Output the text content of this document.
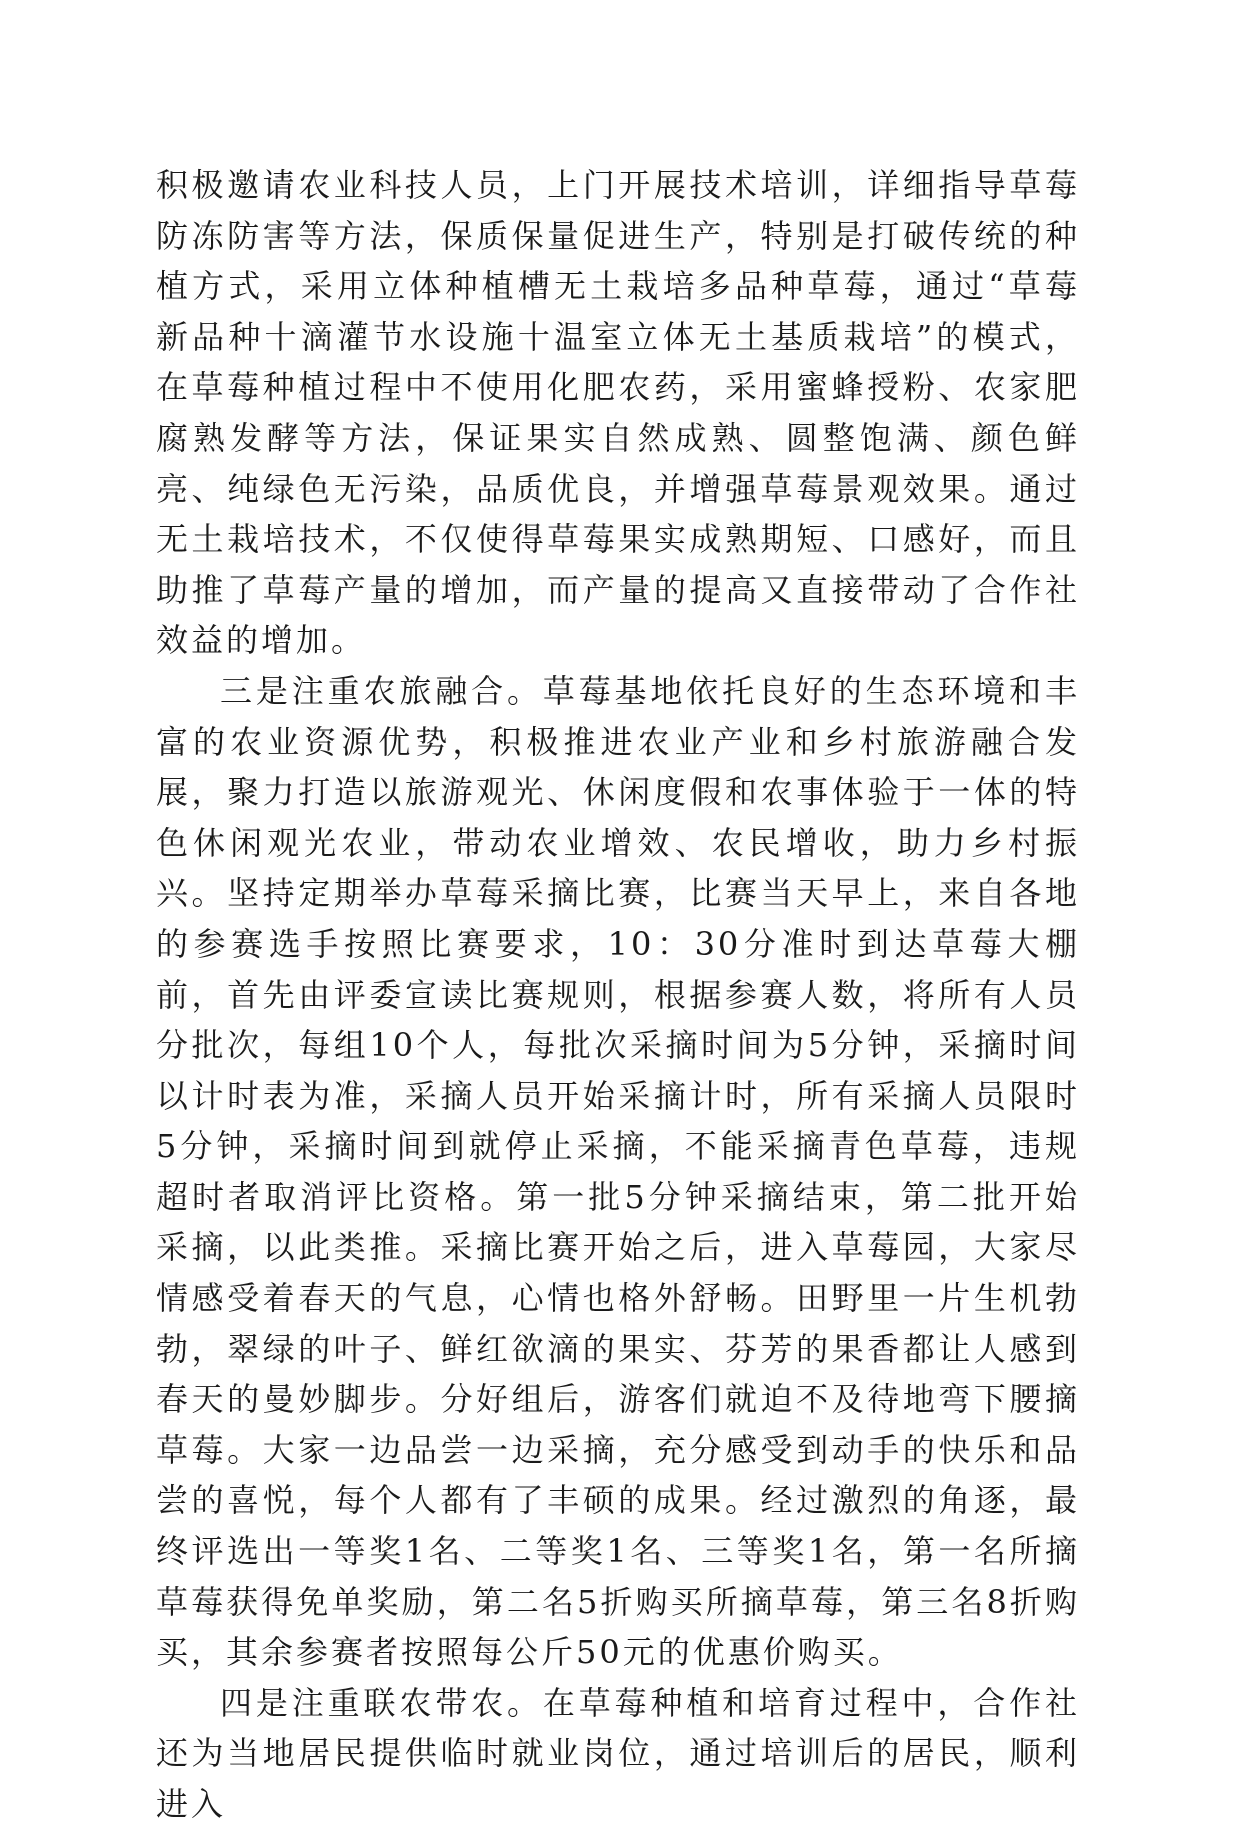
积极邀请农业科技人员，上门开展技术培训，详细指导草莓防冻防害等方法，保质保量促进生产，特别是打破传统的种植方式，采用立体种植槽无土栽培多品种草莓，通过“草莓新品种十滴灌节水设施十温室立体无土基质栽培”的模式，在草莓种植过程中不使用化肥农药，采用蜜蜂授粉、农家肥腐熟发酵等方法，保证果实自然成熟、圆整饱满、颜色鲜亮、纯绿色无污染，品质优良，并增强草莓景观效果。通过无土栽培技术，不仅使得草莓果实成熟期短、口感好，而且助推了草莓产量的增加，而产量的提高又直接带动了合作社效益的增加。

三是注重农旅融合。草莓基地依托良好的生态环境和丰富的农业资源优势，积极推进农业产业和乡村旅游融合发展，聚力打造以旅游观光、休闲度假和农事体验于一体的特色休闲观光农业，带动农业增效、农民增收，助力乡村振兴。坚持定期举办草莓采摘比赛，比赛当天早上，来自各地的参赛选手按照比赛要求，10：30分准时到达草莓大棚前，首先由评委宣读比赛规则，根据参赛人数，将所有人员分批次，每组10个人，每批次采摘时间为5分钟，采摘时间以计时表为准，采摘人员开始采摘计时，所有采摘人员限时5分钟，采摘时间到就停止采摘，不能采摘青色草莓，违规超时者取消评比资格。第一批5分钟采摘结束，第二批开始采摘，以此类推。采摘比赛开始之后，进入草莓园，大家尽情感受着春天的气息，心情也格外舒畅。田野里一片生机勃勃，翠绿的叶子、鲜红欲滴的果实、芬芳的果香都让人感到春天的曼妙脚步。分好组后，游客们就迫不及待地弯下腰摘草莓。大家一边品尝一边采摘，充分感受到动手的快乐和品尝的喜悦，每个人都有了丰硕的成果。经过激烈的角逐，最终评选出一等奖1名、二等奖1名、三等奖1名，第一名所摘草莓获得免单奖励，第二名5折购买所摘草莓，第三名8折购买，其余参赛者按照每公斤50元的优惠价购买。

四是注重联农带农。在草莓种植和培育过程中，合作社还为当地居民提供临时就业岗位，通过培训后的居民，顺利进入
